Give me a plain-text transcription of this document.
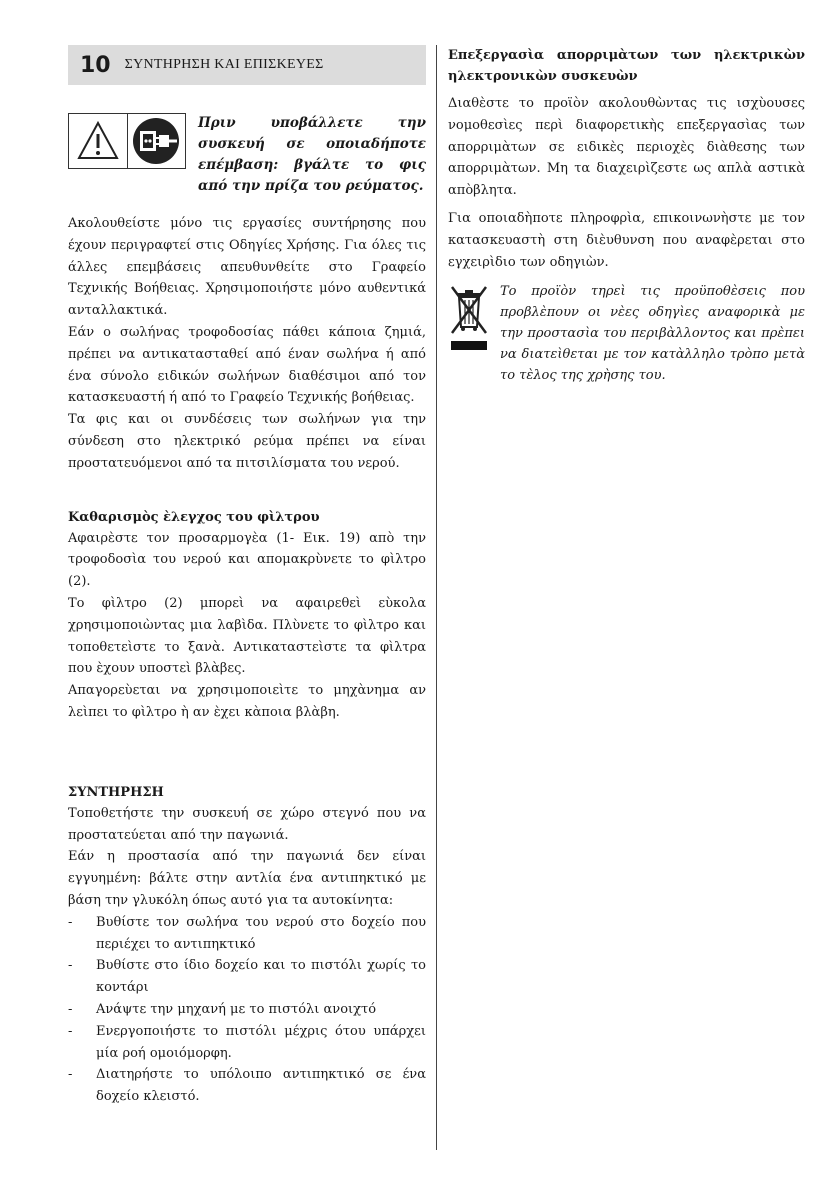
10 ΣΥΝΤΗΡΗΣΗ ΚΑΙ ΕΠΙΣΚΕΥΕΣ
Πριν υποβάλλετε την συσκευή σε οποιαδήποτε επέμβαση: βγάλτε το φις από την πρίζα του ρεύματος.

Ακολουθείστε μόνο τις εργασίες συντήρησης που έχουν περιγραφτεί στις Οδηγίες Χρήσης. Για όλες τις άλλες επεμβάσεις απευθυνθείτε στο Γραφείο Τεχνικής Βοήθειας. Χρησιμοποιήστε μόνο αυθεντικά ανταλλακτικά.

Εάν ο σωλήνας τροφοδοσίας πάθει κάποια ζημιά, πρέπει να αντικατασταθεί από έναν σωλήνα ή από ένα σύνολο ειδικών σωλήνων διαθέσιμοι από τον κατασκευαστή ή από το Γραφείο Τεχνικής βοήθειας.

Τα φις και οι συνδέσεις των σωλήνων για την σύνδεση στο ηλεκτρικό ρεύμα πρέπει να είναι προστατευόμενοι από τα πιτσιλίσματα του νερού.

Καθαρισμὸς ὲλεγχος του φὶλτρου

Αφαιρὲστε τον προσαρμογὲα (1- Εικ. 19) απὸ την τροφοδοσὶα του νερού και απομακρὺνετε το φὶλτρο (2).

Το φὶλτρο (2) μπορεὶ να αφαιρεθεὶ εὺκολα χρησιμοποιὼντας μια λαβὶδα. Πλὺνετε το φὶλτρο και τοποθετεὶστε το ξανὰ. Αντικαταστεὶστε τα φὶλτρα που ὲχουν υποστεὶ βλὰβες.

Απαγορεὺεται να χρησιμοποιεὶτε το μηχὰνημα αν λεὶπει το φὶλτρο ὴ αν ὲχει κὰποια βλὰβη.

ΣΥΝΤΗΡΗΣΗ

Τοποθετήστε την συσκευή σε χώρο στεγνό που να προστατεύεται από την παγωνιά.

Εάν η προστασία από την παγωνιά δεν είναι εγγυημένη: βάλτε στην αντλία ένα αντιπηκτικό με βάση την γλυκόλη όπως αυτό για τα αυτοκίνητα:

- Βυθίστε τον σωλήνα του νερού στο δοχείο που περιέχει το αντιπηκτικό
- Βυθίστε στο ίδιο δοχείο και το πιστόλι χωρίς το κοντάρι
- Ανάψτε την μηχανή με το πιστόλι ανοιχτό
- Ενεργοποιήστε το πιστόλι μέχρις ότου υπάρχει μία ροή ομοιόμορφη.
- Διατηρήστε το υπόλοιπο αντιπηκτικό σε ένα δοχείο κλειστό.

Επεξεργασὶα απορριμὰτων των ηλεκτρικὼν ηλεκτρονικὼν συσκευὼν

Διαθὲστε το προϊὸν ακολουθὼντας τις ισχὺουσες νομοθεσὶες περὶ διαφορετικὴς επεξεργασὶας των απορριμὰτων σε ειδικὲς περιοχὲς διὰθεσης των απορριμὰτων. Μη τα διαχειρὶζεστε ως απλὰ αστικὰ απὸβλητα.

Για οποιαδὴποτε πληροφρὶα, επικοινωνὴστε με τον κατασκευαστὴ στη διὲυθυνση που αναφὲρεται στο εγχειρὶδιο των οδηγιὼν.

Το προϊὸν τηρεὶ τις προϋποθὲσεις που προβλὲπουν οι νὲες οδηγὶες αναφορικὰ με την προστασὶα του περιβὰλλοντος και πρὲπει να διατεὶθεται με τον κατὰλληλο τρὸπο μετὰ το τὲλος της χρὴσης του.
